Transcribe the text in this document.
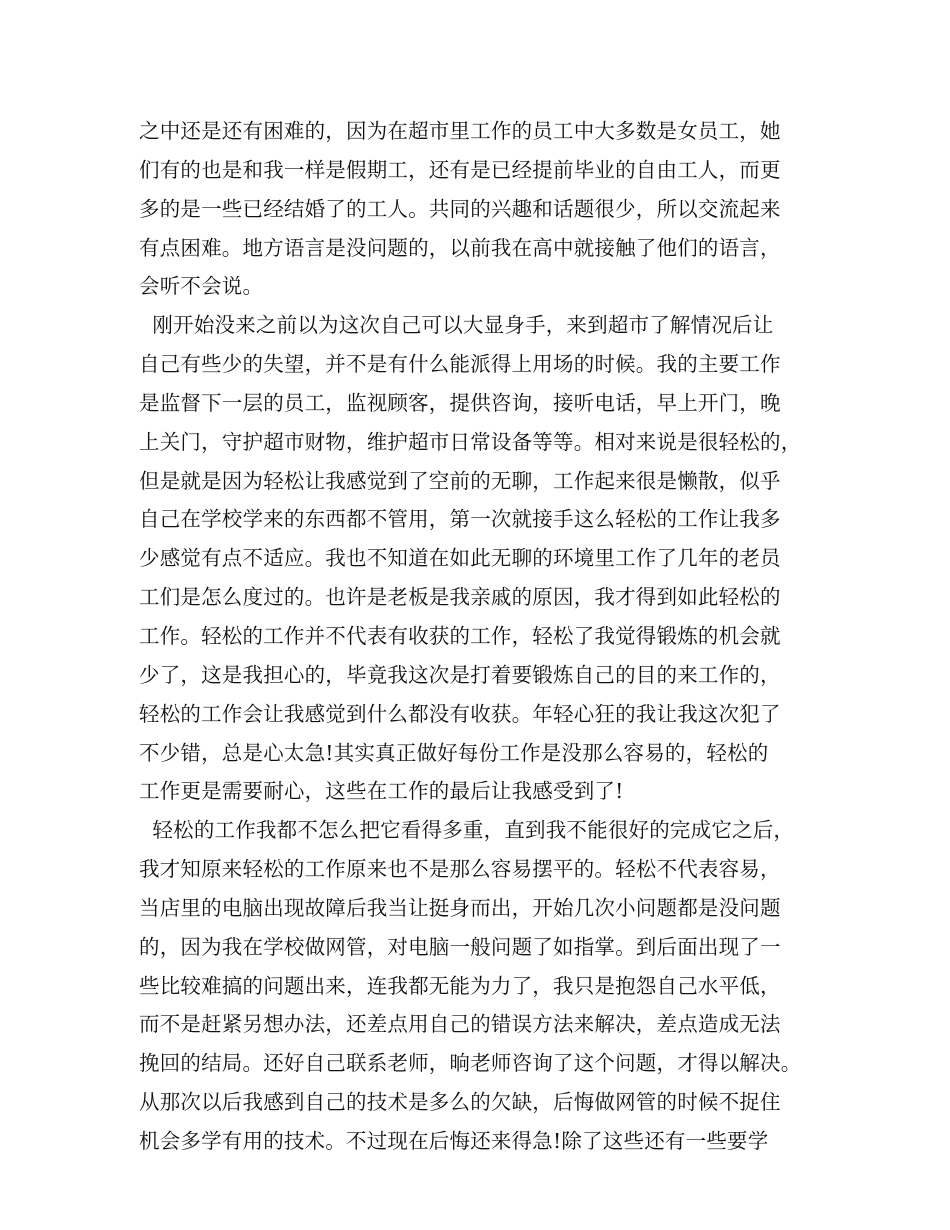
之中还是还有困难的，因为在超市里工作的员工中大多数是女员工，她
们有的也是和我一样是假期工，还有是已经提前毕业的自由工人，而更
多的是一些已经结婚了的工人。共同的兴趣和话题很少，所以交流起来
有点困难。地方语言是没问题的，以前我在高中就接触了他们的语言，
会听不会说。
刚开始没来之前以为这次自己可以大显身手，来到超市了解情况后让
自己有些少的失望，并不是有什么能派得上用场的时候。我的主要工作
是监督下一层的员工，监视顾客，提供咨询，接听电话，早上开门，晚
上关门，守护超市财物，维护超市日常设备等等。相对来说是很轻松的，
但是就是因为轻松让我感觉到了空前的无聊，工作起来很是懒散，似乎
自己在学校学来的东西都不管用，第一次就接手这么轻松的工作让我多
少感觉有点不适应。我也不知道在如此无聊的环境里工作了几年的老员
工们是怎么度过的。也许是老板是我亲戚的原因，我才得到如此轻松的
工作。轻松的工作并不代表有收获的工作，轻松了我觉得锻炼的机会就
少了，这是我担心的，毕竟我这次是打着要锻炼自己的目的来工作的，
轻松的工作会让我感觉到什么都没有收获。年轻心狂的我让我这次犯了
不少错，总是心太急!其实真正做好每份工作是没那么容易的，轻松的
工作更是需要耐心，这些在工作的最后让我感受到了!
轻松的工作我都不怎么把它看得多重，直到我不能很好的完成它之后，
我才知原来轻松的工作原来也不是那么容易摆平的。轻松不代表容易，
当店里的电脑出现故障后我当让挺身而出，开始几次小问题都是没问题
的，因为我在学校做网管，对电脑一般问题了如指掌。到后面出现了一
些比较难搞的问题出来，连我都无能为力了，我只是抱怨自己水平低，
而不是赶紧另想办法，还差点用自己的错误方法来解决，差点造成无法
挽回的结局。还好自己联系老师，晌老师咨询了这个问题，才得以解决。
从那次以后我感到自己的技术是多么的欠缺，后悔做网管的时候不捉住
机会多学有用的技术。不过现在后悔还来得急!除了这些还有一些要学
